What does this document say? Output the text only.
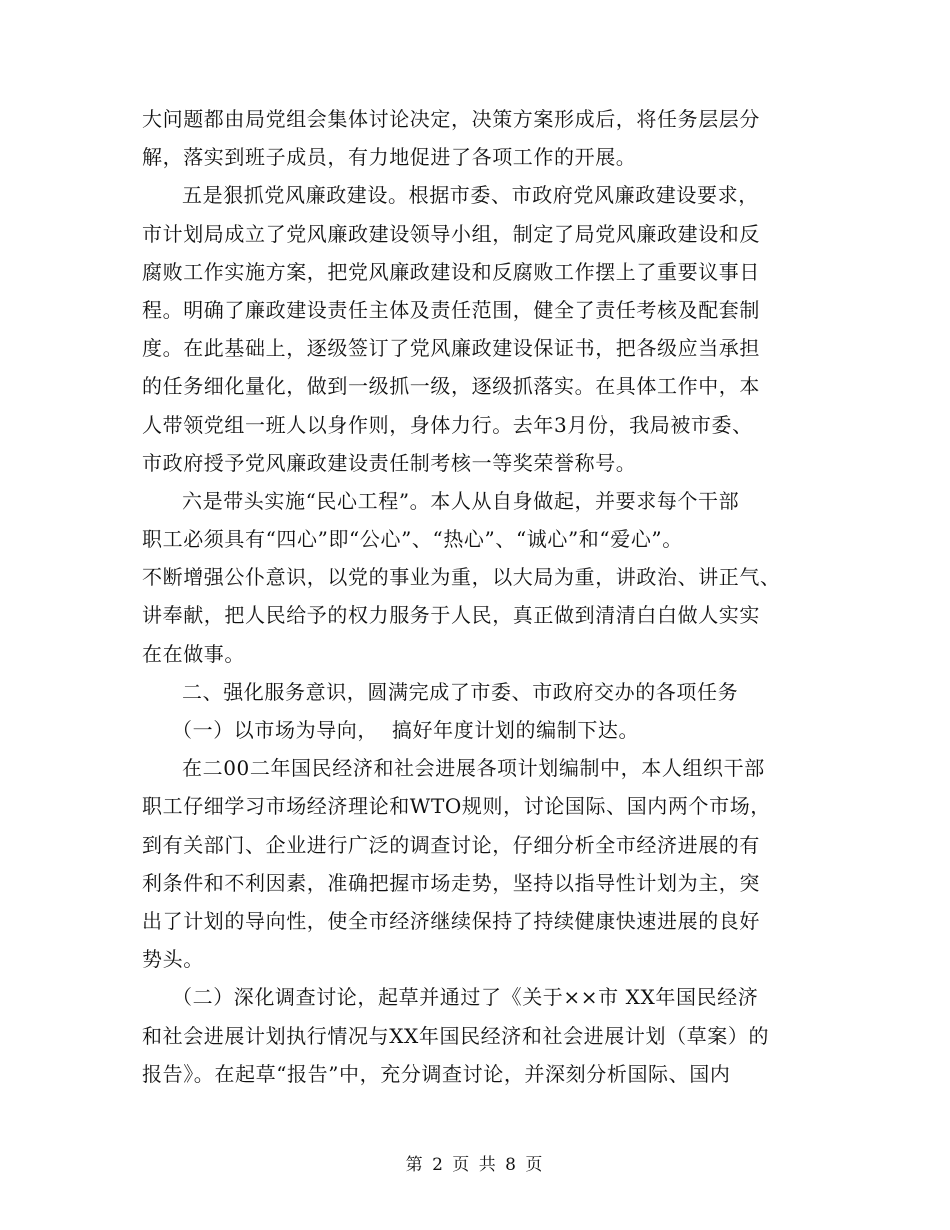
大问题都由局党组会集体讨论决定，决策方案形成后，将任务层层分
解，落实到班子成员，有力地促进了各项工作的开展。
五是狠抓党风廉政建设。根据市委、市政府党风廉政建设要求，
市计划局成立了党风廉政建设领导小组，制定了局党风廉政建设和反
腐败工作实施方案，把党风廉政建设和反腐败工作摆上了重要议事日
程。明确了廉政建设责任主体及责任范围，健全了责任考核及配套制
度。在此基础上，逐级签订了党风廉政建设保证书，把各级应当承担
的任务细化量化，做到一级抓一级，逐级抓落实。在具体工作中，本
人带领党组一班人以身作则，身体力行。去年3月份，我局被市委、
市政府授予党风廉政建设责任制考核一等奖荣誉称号。
六是带头实施“民心工程”。本人从自身做起，并要求每个干部
职工必须具有“四心”即“公心”、“热心”、“诚心”和“爱心”。
不断增强公仆意识，以党的事业为重，以大局为重，讲政治、讲正气、
讲奉献，把人民给予的权力服务于人民，真正做到清清白白做人实实
在在做事。
二、强化服务意识，圆满完成了市委、市政府交办的各项任务
（一）以市场为导向，  搞好年度计划的编制下达。
在二00二年国民经济和社会进展各项计划编制中，本人组织干部
职工仔细学习市场经济理论和WTO规则，讨论国际、国内两个市场，
到有关部门、企业进行广泛的调查讨论，仔细分析全市经济进展的有
利条件和不利因素，准确把握市场走势，坚持以指导性计划为主，突
出了计划的导向性，使全市经济继续保持了持续健康快速进展的良好
势头。
（二）深化调查讨论，起草并通过了《关于××市 XX年国民经济
和社会进展计划执行情况与XX年国民经济和社会进展计划（草案）的
报告》。在起草“报告”中，充分调查讨论，并深刻分析国际、国内
第 2 页 共 8 页
